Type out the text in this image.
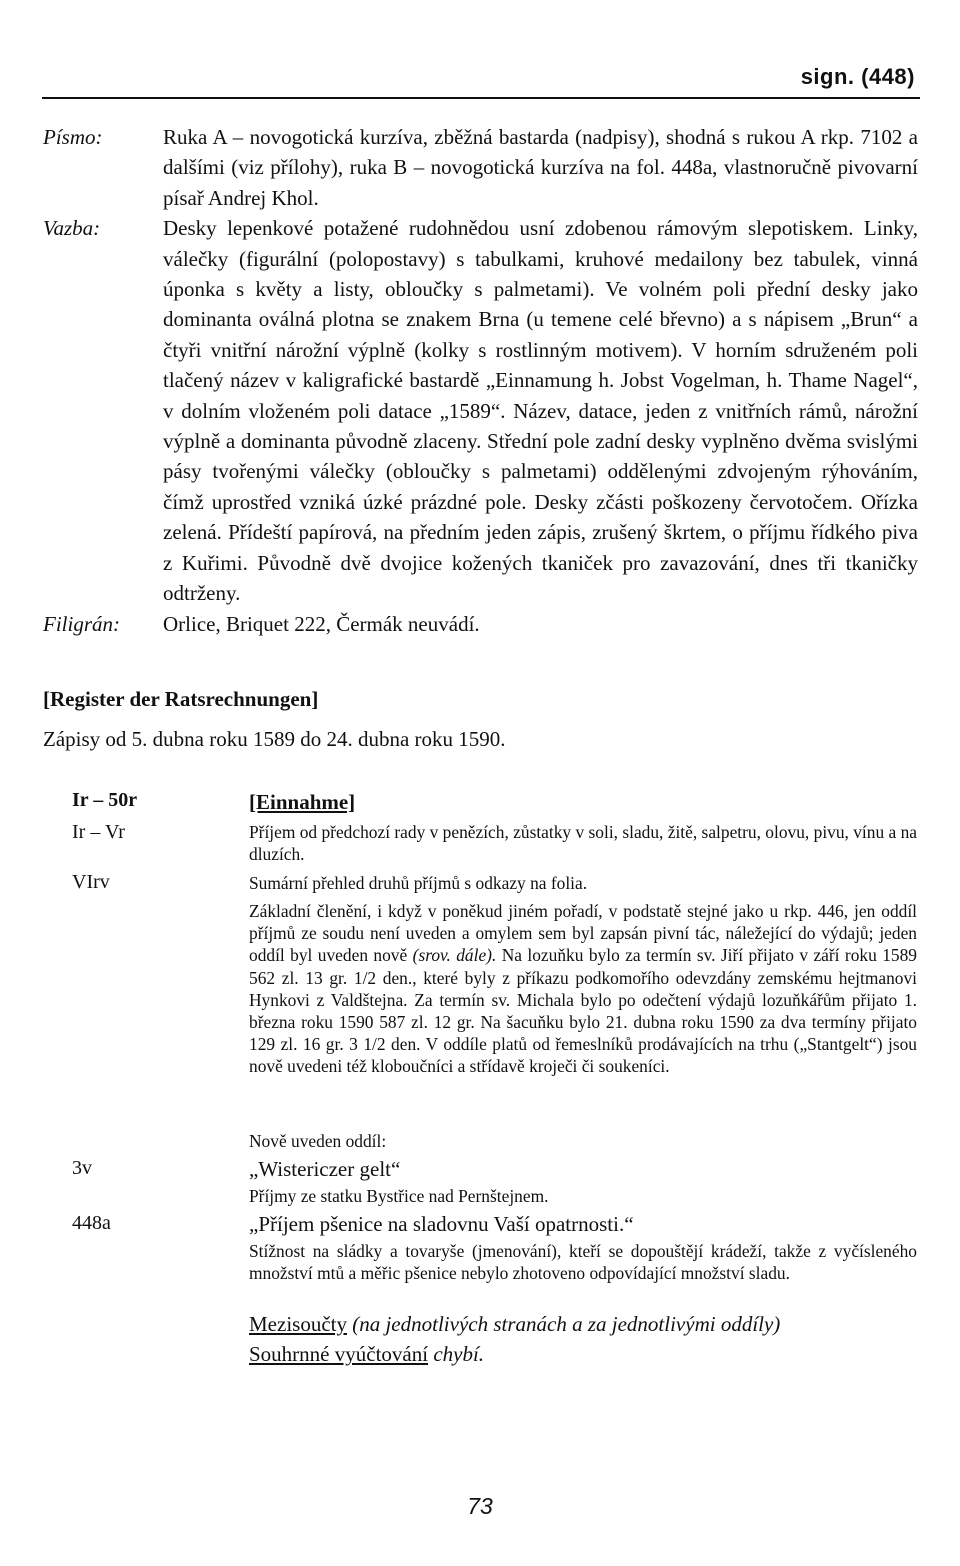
sign. (448)
Písmo:	Ruka A – novogotická kurzíva, zběžná bastarda (nadpisy), shodná s rukou A rkp. 7102 a dalšími (viz přílohy), ruka B – novogotická kurzíva na fol. 448a, vlastnoručně pivovarní písař Andrej Khol.
Vazba:	Desky lepenkové potažené rudohnědou usní zdobenou rámovým slepotiskem. Linky, válečky (figurální (polopostavy) s tabulkami, kruhové medailony bez tabulek, vinná úponka s květy a listy, obloučky s palmetami). Ve volném poli přední desky jako dominanta oválná plotna se znakem Brna (u temene celé břevno) a s nápisem „Brun“ a čtyři vnitřní nárožní výplně (kolky s rostlinným motivem). V horním sdruženém poli tlačený název v kaligrafické bastardě „Einnamung h. Jobst Vogelman, h. Thame Nagel“, v dolním vloženém poli datace „1589“. Název, datace, jeden z vnitřních rámů, nárožní výplně a dominanta původně zlaceny. Střední pole zadní desky vyplněno dvěma svislými pásy tvořenými válečky (obloučky s palmetami) oddělenými zdvojeným rýhováním, čímž uprostřed vzniká úzké prázdné pole. Desky zčásti poškozeny červotočem. Ořízka zelená. Přídeští papírová, na předním jeden zápis, zrušený škrtem, o příjmu řídkého piva z Kuřimi. Původně dvě dvojice kožených tkaniček pro zavazování, dnes tři tkaničky odtrženy.
Filigrán:	Orlice, Briquet 222, Čermák neuvádí.
[Register der Ratsrechnungen]
Zápisy od 5. dubna roku 1589 do 24. dubna roku 1590.
Ir – 50r	[Einnahme]
Ir – Vr	Příjem od předchozí rady v penězích, zůstatky v soli, sladu, žitě, salpetru, olovu, pivu, vínu a na dluzích.
VIrv	Sumární přehled druhů příjmů s odkazy na folia.
Základní členění, i když v poněkud jiném pořadí, v podstatě stejné jako u rkp. 446, jen oddíl příjmů ze soudu není uveden a omylem sem byl zapsán pivní tác, náležející do výdajů; jeden oddíl byl uveden nově (srov. dále). Na lozuňku bylo za termín sv. Jiří přijato v září roku 1589 562 zl. 13 gr. 1/2 den., které byly z příkazu podkomořího odevzdány zemskému hejtmanovi Hynkovi z Valdštejna. Za termín sv. Michala bylo po odečtení výdajů lozuňkářům přijato 1. března roku 1590 587 zl. 12 gr. Na šacuňku bylo 21. dubna roku 1590 za dva termíny přijato 129 zl. 16 gr. 3 1/2 den. V oddíle platů od řemeslníků prodávajících na trhu („Stantgelt“) jsou nově uvedeni též kloboučníci a střídavě kroječi či soukeníci.
Nově uveden oddíl:
3v	„Wistericzer gelt“
Příjmy ze statku Bystřice nad Pernštejnem.
448a	„Příjem pšenice na sladovnu Vaší opatrnosti.“
Stížnost na sládky a tovaryše (jmenování), kteří se dopouštějí krádeží, takže z vyčísleného množství mtů a měřic pšenice nebylo zhotoveno odpovídající množství sladu.
Mezisoučty (na jednotlivých stranách a za jednotlivými oddíly)
Souhrnné vyúčtování chybí.
73
